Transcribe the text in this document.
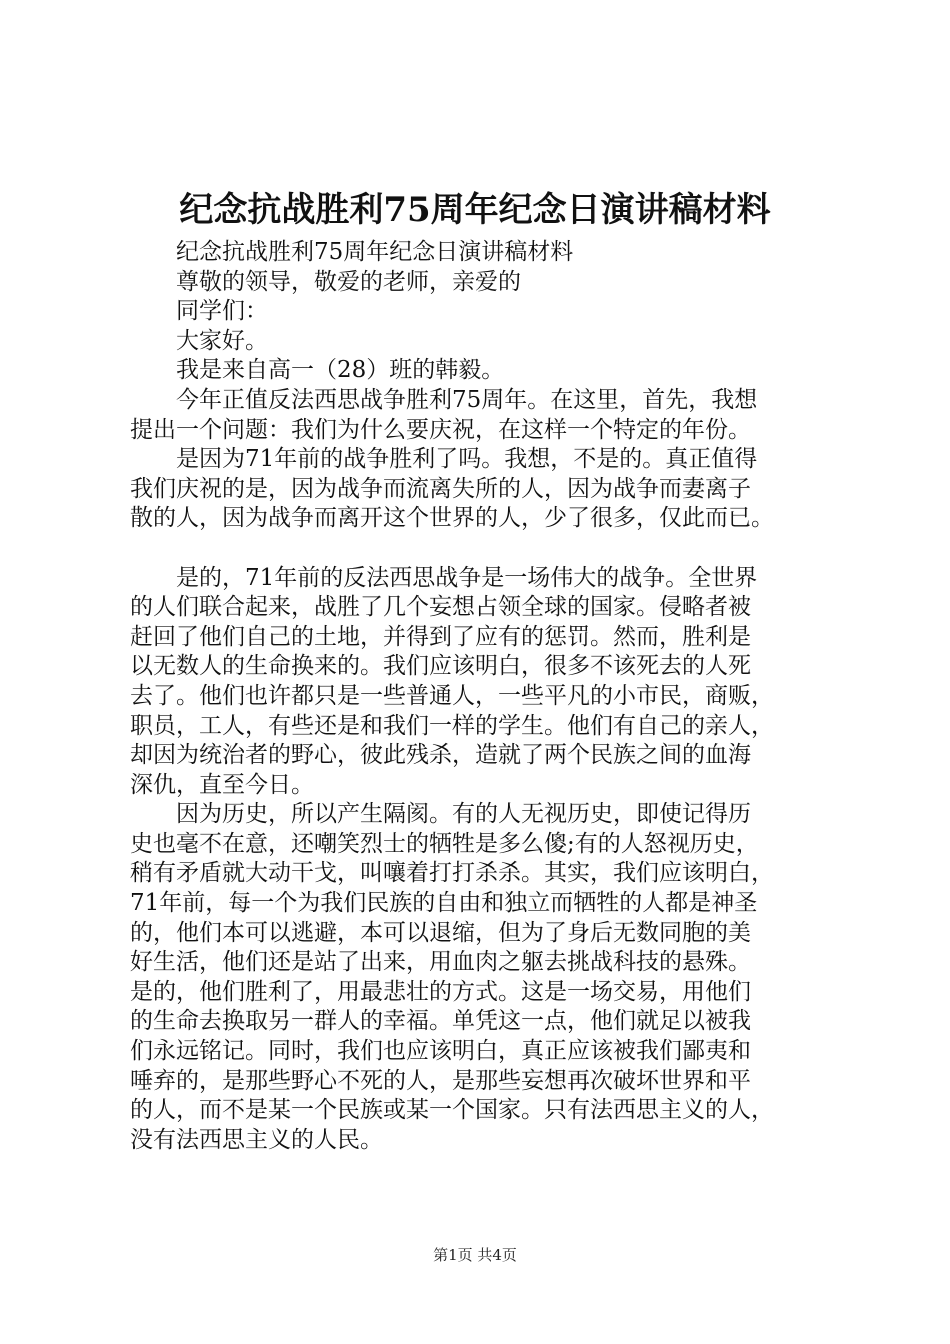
纪念抗战胜利75周年纪念日演讲稿材料
纪念抗战胜利75周年纪念日演讲稿材料
尊敬的领导，敬爱的老师，亲爱的
同学们：
大家好。
我是来自高一（28）班的韩毅。
今年正值反法西思战争胜利75周年。在这里，首先，我想
提出一个问题：我们为什么要庆祝，在这样一个特定的年份。
是因为71年前的战争胜利了吗。我想，不是的。真正值得
我们庆祝的是，因为战争而流离失所的人，因为战争而妻离子
散的人，因为战争而离开这个世界的人，少了很多，仅此而已。
是的，71年前的反法西思战争是一场伟大的战争。全世界
的人们联合起来，战胜了几个妄想占领全球的国家。侵略者被
赶回了他们自己的土地，并得到了应有的惩罚。然而，胜利是
以无数人的生命换来的。我们应该明白，很多不该死去的人死
去了。他们也许都只是一些普通人，一些平凡的小市民，商贩，
职员，工人，有些还是和我们一样的学生。他们有自己的亲人，
却因为统治者的野心，彼此残杀，造就了两个民族之间的血海
深仇，直至今日。
因为历史，所以产生隔阂。有的人无视历史，即使记得历
史也毫不在意，还嘲笑烈士的牺牲是多么傻;有的人怒视历史，
稍有矛盾就大动干戈，叫嚷着打打杀杀。其实，我们应该明白，
71年前，每一个为我们民族的自由和独立而牺牲的人都是神圣
的，他们本可以逃避，本可以退缩，但为了身后无数同胞的美
好生活，他们还是站了出来，用血肉之躯去挑战科技的悬殊。
是的，他们胜利了，用最悲壮的方式。这是一场交易，用他们
的生命去换取另一群人的幸福。单凭这一点，他们就足以被我
们永远铭记。同时，我们也应该明白，真正应该被我们鄙夷和
唾弃的，是那些野心不死的人，是那些妄想再次破坏世界和平
的人，而不是某一个民族或某一个国家。只有法西思主义的人，
没有法西思主义的人民。
第1页 共4页
